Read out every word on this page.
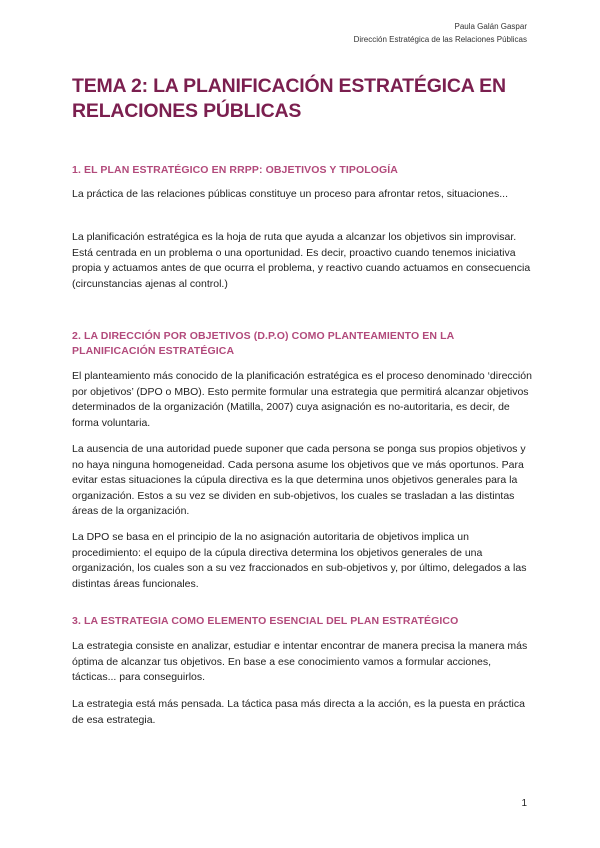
Paula Galán Gaspar
Dirección Estratégica de las Relaciones Públicas
TEMA 2: LA PLANIFICACIÓN ESTRATÉGICA EN RELACIONES PÚBLICAS
1. EL PLAN ESTRATÉGICO EN RRPP: OBJETIVOS Y TIPOLOGÍA

La práctica de las relaciones públicas constituye un proceso para afrontar retos, situaciones...

La planificación estratégica es la hoja de ruta que ayuda a alcanzar los objetivos sin improvisar. Está centrada en un problema o una oportunidad. Es decir, proactivo cuando tenemos iniciativa propia y actuamos antes de que ocurra el problema, y reactivo cuando actuamos en consecuencia (circunstancias ajenas al control.)

2. LA DIRECCIÓN POR OBJETIVOS (D.P.O) COMO PLANTEAMIENTO EN LA PLANIFICACIÓN ESTRATÉGICA

El planteamiento más conocido de la planificación estratégica es el proceso denominado ‘dirección por objetivos’ (DPO o MBO). Esto permite formular una estrategia que permitirá alcanzar objetivos determinados de la organización (Matilla, 2007) cuya asignación es no-autoritaria, es decir, de forma voluntaria.

La ausencia de una autoridad puede suponer que cada persona se ponga sus propios objetivos y no haya ninguna homogeneidad. Cada persona asume los objetivos que ve más oportunos. Para evitar estas situaciones la cúpula directiva es la que determina unos objetivos generales para la organización. Estos a su vez se dividen en sub-objetivos, los cuales se trasladan a las distintas áreas de la organización.

La DPO se basa en el principio de la no asignación autoritaria de objetivos implica un procedimiento: el equipo de la cúpula directiva determina los objetivos generales de una organización, los cuales son a su vez fraccionados en sub-objetivos y, por último, delegados a las distintas áreas funcionales.

3. LA ESTRATEGIA COMO ELEMENTO ESENCIAL DEL PLAN ESTRATÉGICO

La estrategia consiste en analizar, estudiar e intentar encontrar de manera precisa la manera más óptima de alcanzar tus objetivos. En base a ese conocimiento vamos a formular acciones, tácticas... para conseguirlos.

La estrategia está más pensada. La táctica pasa más directa a la acción, es la puesta en práctica de esa estrategia.

1
